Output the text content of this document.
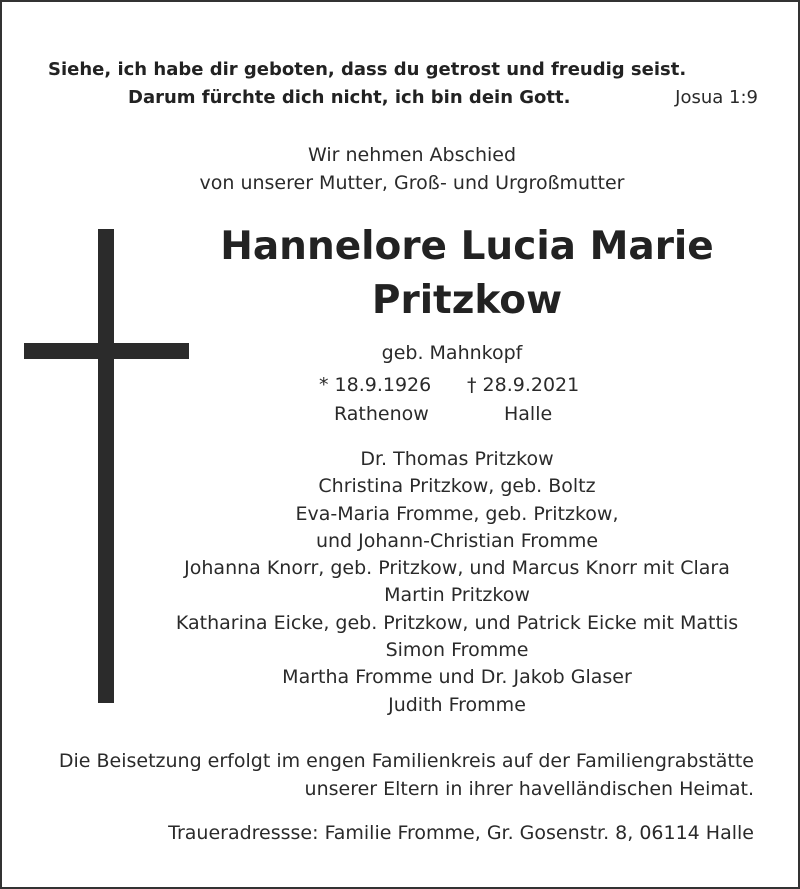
Siehe, ich habe dir geboten, dass du getrost und freudig seist.
Darum fürchte dich nicht, ich bin dein Gott.	Josua 1:9
Wir nehmen Abschied
von unserer Mutter, Groß- und Urgroßmutter
Hannelore Lucia Marie
Pritzkow
geb. Mahnkopf
* 18.9.1926 † 28.9.2021
Rathenow	Halle
Dr. Thomas Pritzkow
Christina Pritzkow, geb. Boltz
Eva-Maria Fromme, geb. Pritzkow,
und Johann-Christian Fromme
Johanna Knorr, geb. Pritzkow, und Marcus Knorr mit Clara
Martin Pritzkow
Katharina Eicke, geb. Pritzkow, und Patrick Eicke mit Mattis
Simon Fromme
Martha Fromme und Dr. Jakob Glaser
Judith Fromme
Die Beisetzung erfolgt im engen Familienkreis auf der Familiengrabstätte
unserer Eltern in ihrer havelländischen Heimat.
Traueradressse: Familie Fromme, Gr. Gosenstr. 8, 06114 Halle
